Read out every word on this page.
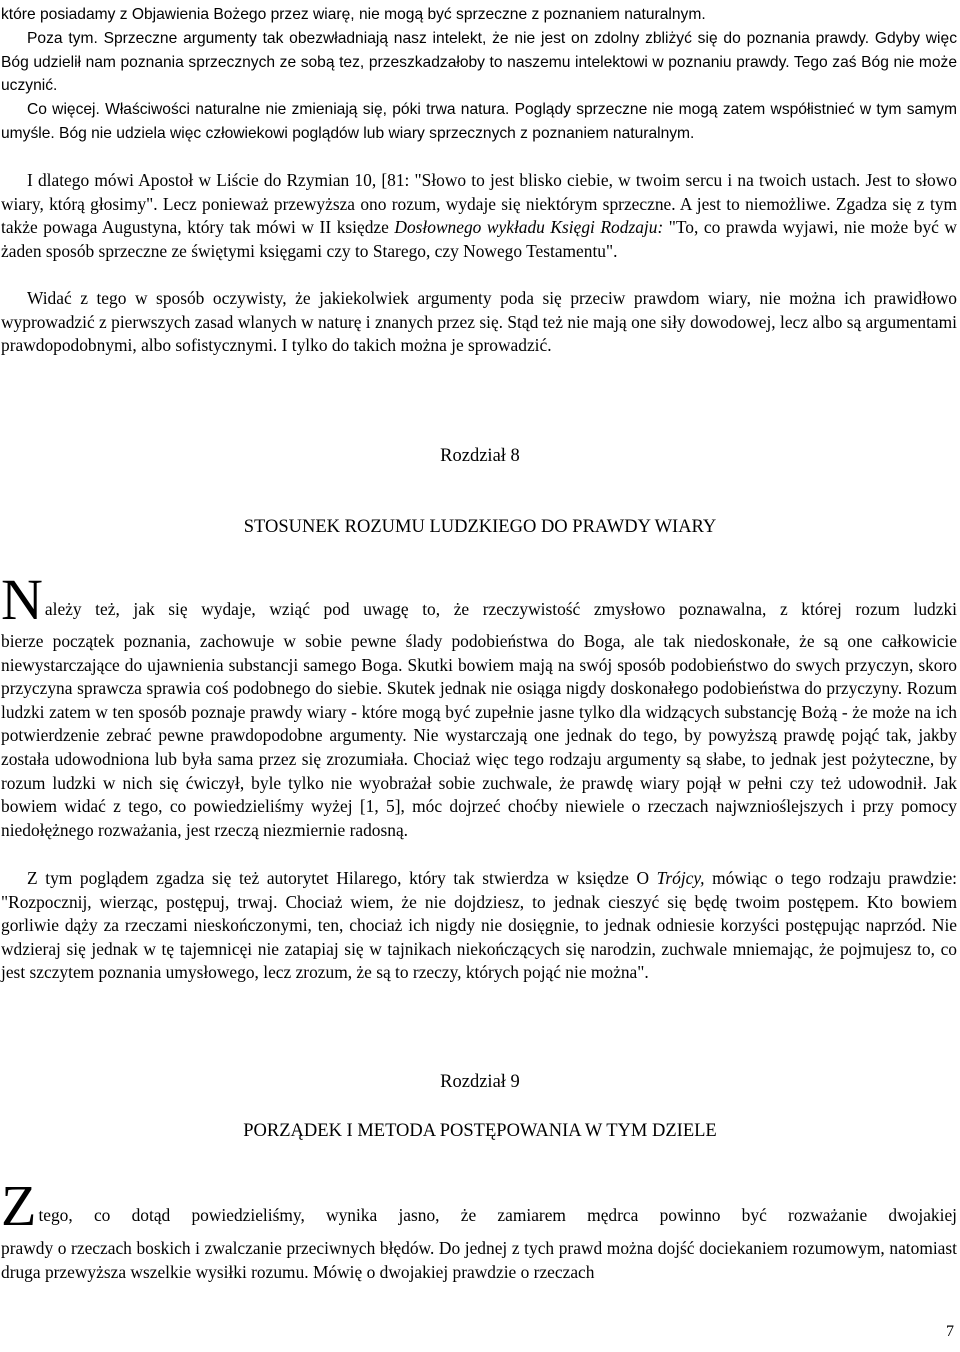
które posiadamy z Objawienia Bożego przez wiarę, nie mogą być sprzeczne z poznaniem naturalnym.

Poza tym. Sprzeczne argumenty tak obezwładniają nasz intelekt, że nie jest on zdolny zbliżyć się do poznania prawdy. Gdyby więc Bóg udzielił nam poznania sprzecznych ze sobą tez, przeszkadzałoby to naszemu intelektowi w poznaniu prawdy. Tego zaś Bóg nie może uczynić.

Co więcej. Właściwości naturalne nie zmieniają się, póki trwa natura. Poglądy sprzeczne nie mogą zatem współistnieć w tym samym umyśle. Bóg nie udziela więc człowiekowi poglądów lub wiary sprzecznych z poznaniem naturalnym.

I dlatego mówi Apostoł w Liście do Rzymian 10, [81: "Słowo to jest blisko ciebie, w twoim sercu i na twoich ustach. Jest to słowo wiary, którą głosimy". Lecz ponieważ przewyższa ono rozum, wydaje się niektórym sprzeczne. A jest to niemożliwe. Zgadza się z tym także powaga Augustyna, który tak mówi w II księdze Dosłownego wykładu Księgi Rodzaju: "To, co prawda wyjawi, nie może być w żaden sposób sprzeczne ze świętymi księgami czy to Starego, czy Nowego Testamentu".

Widać z tego w sposób oczywisty, że jakiekolwiek argumenty poda się przeciw prawdom wiary, nie można ich prawidłowo wyprowadzić z pierwszych zasad wlanych w naturę i znanych przez się. Stąd też nie mają one siły dowodowej, lecz albo są argumentami prawdopodobnymi, albo sofistycznymi. I tylko do takich można je sprowadzić.

Rozdział 8
STOSUNEK ROZUMU LUDZKIEGO DO PRAWDY WIARY

Należy też, jak się wydaje, wziąć pod uwagę to, że rzeczywistość zmysłowo poznawalna, z której rozum ludzki

bierze początek poznania, zachowuje w sobie pewne ślady podobieństwa do Boga, ale tak niedoskonałe, że są one całkowicie niewystarczające do ujawnienia substancji samego Boga. Skutki bowiem mają na swój sposób podobieństwo do swych przyczyn, skoro przyczyna sprawcza sprawia coś podobnego do siebie. Skutek jednak nie osiąga nigdy doskonałego podobieństwa do przyczyny. Rozum ludzki zatem w ten sposób poznaje prawdy wiary - które mogą być zupełnie jasne tylko dla widzących substancję Bożą - że może na ich potwierdzenie zebrać pewne prawdopodobne argumenty. Nie wystarczają one jednak do tego, by powyższą prawdę pojąć tak, jakby została udowodniona lub była sama przez się zrozumiała. Chociaż więc tego rodzaju argumenty są słabe, to jednak jest pożyteczne, by rozum ludzki w nich się ćwiczył, byle tylko nie wyobrażał sobie zuchwale, że prawdę wiary pojął w pełni czy też udowodnił. Jak bowiem widać z tego, co powiedzieliśmy wyżej [1, 5], móc dojrzeć choćby niewiele o rzeczach najwznioślejszych i przy pomocy niedołężnego rozważania, jest rzeczą niezmiernie radosną.

Z tym poglądem zgadza się też autorytet Hilarego, który tak stwierdza w księdze O Trójcy, mówiąc o tego rodzaju prawdzie: "Rozpocznij, wierząc, postępuj, trwaj. Chociaż wiem, że nie dojdziesz, to jednak cieszyć się będę twoim postępem. Kto bowiem gorliwie dąży za rzeczami nieskończonymi, ten, chociaż ich nigdy nie dosięgnie, to jednak odniesie korzyści postępując naprzód. Nie wdzieraj się jednak w tę tajemnicęi nie zatapiaj się w tajnikach niekończących się narodzin, zuchwale mniemając, że pojmujesz to, co jest szczytem poznania umysłowego, lecz zrozum, że są to rzeczy, których pojąć nie można".

Rozdział 9
PORZĄDEK I METODA POSTĘPOWANIA W TYM DZIELE

Ztego, co dotąd powiedzieliśmy, wynika jasno, że zamiarem mędrca powinno być rozważanie dwojakiej

prawdy o rzeczach boskich i zwalczanie przeciwnych błędów. Do jednej z tych prawd można dojść dociekaniem rozumowym, natomiast druga przewyższa wszelkie wysiłki rozumu. Mówię o dwojakiej prawdzie o rzeczach

7
